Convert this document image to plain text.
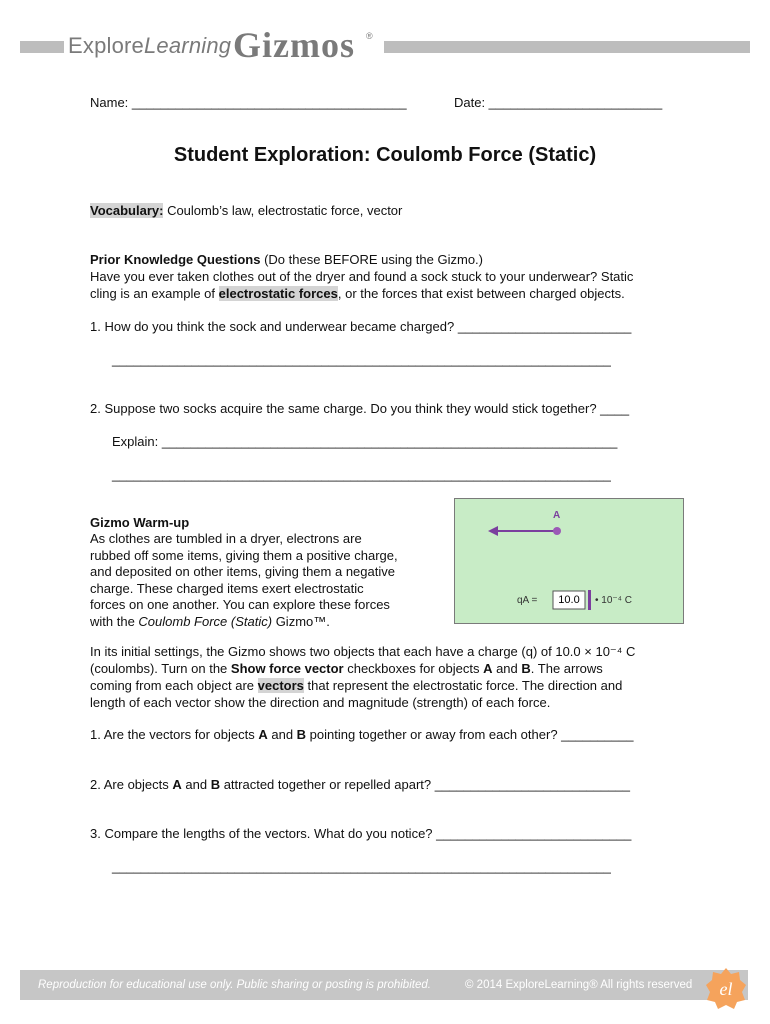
ExploreLearning Gizmos ®
Name: ______________________________________	Date: ________________________
Student Exploration: Coulomb Force (Static)
Vocabulary: Coulomb’s law, electrostatic force, vector
Prior Knowledge Questions (Do these BEFORE using the Gizmo.)
Have you ever taken clothes out of the dryer and found a sock stuck to your underwear? Static
cling is an example of electrostatic forces, or the forces that exist between charged objects.
1. How do you think the sock and underwear became charged? ________________________
_____________________________________________________________________
2. Suppose two socks acquire the same charge. Do you think they would stick together? ____
Explain: _______________________________________________________________
_____________________________________________________________________
Gizmo Warm-up
As clothes are tumbled in a dryer, electrons are
rubbed off some items, giving them a positive charge,
and deposited on other items, giving them a negative
charge. These charged items exert electrostatic
forces on one another. You can explore these forces
with the Coulomb Force (Static) Gizmo™.
A
qA =	10.0	• 10⁻⁴ C
In its initial settings, the Gizmo shows two objects that each have a charge (q) of 10.0 × 10⁻⁴ C
(coulombs). Turn on the Show force vector checkboxes for objects A and B. The arrows
coming from each object are vectors that represent the electrostatic force. The direction and
length of each vector show the direction and magnitude (strength) of each force.
1. Are the vectors for objects A and B pointing together or away from each other? __________
2. Are objects A and B attracted together or repelled apart? ___________________________
3. Compare the lengths of the vectors. What do you notice? ___________________________
_____________________________________________________________________
Reproduction for educational use only. Public sharing or posting is prohibited.	© 2014 ExploreLearning® All rights reserved el
